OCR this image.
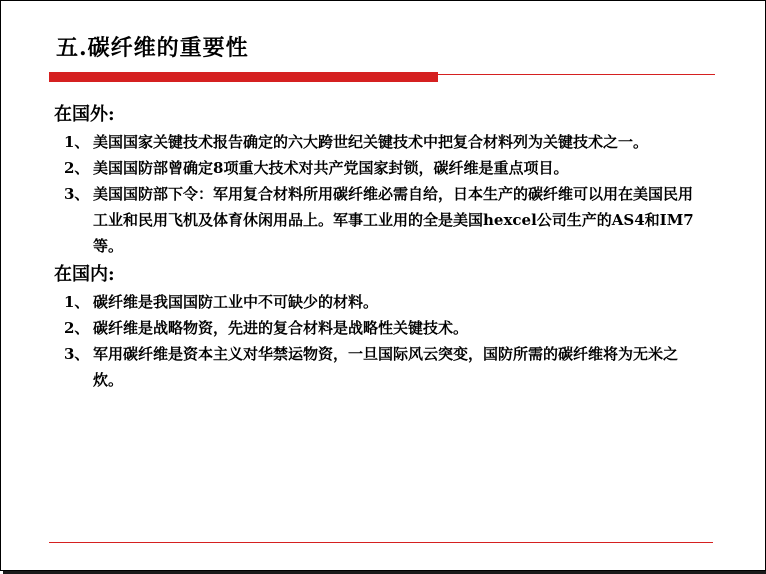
五.碳纤维的重要性
在国外:
1、 美国国家关键技术报告确定的六大跨世纪关键技术中把复合材料列为关键技术之一。
2、 美国国防部曾确定8项重大技术对共产党国家封锁，碳纤维是重点项目。
3、 美国国防部下令：军用复合材料所用碳纤维必需自给，日本生产的碳纤维可以用在美国民用工业和民用飞机及体育休闲用品上。军事工业用的全是美国hexcel公司生产的AS4和IM7等。
在国内:
1、 碳纤维是我国国防工业中不可缺少的材料。
2、 碳纤维是战略物资，先进的复合材料是战略性关键技术。
3、 军用碳纤维是资本主义对华禁运物资，一旦国际风云突变，国防所需的碳纤维将为无米之炊。
